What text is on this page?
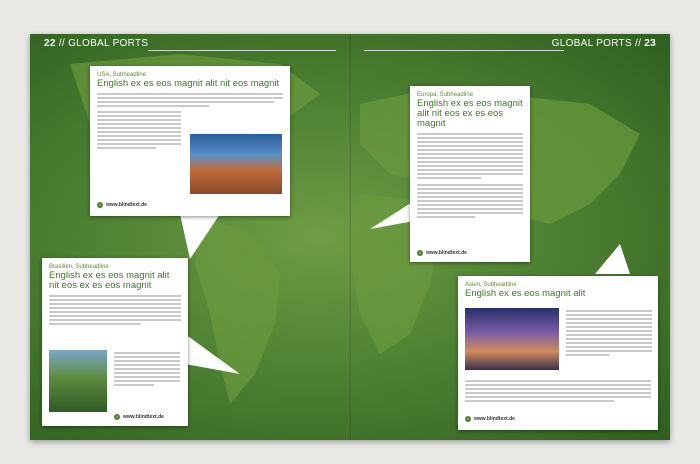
22 // GLOBAL PORTS	GLOBAL PORTS // 23
USA, Subheadline
English ex es eos magnit alit nit eos magnit
i	www.blindtext.de
Europa, Subheadline
English ex es eos magnit alit nit eos ex es eos magnit
i	www.blindtext.de
Brasilien, Subheadline
English ex es eos magnit alit nit eos ex es eos magnit
i	www.blindtext.de
Asien, Subheadline
English ex es eos magnit alit
i	www.blindtext.de
